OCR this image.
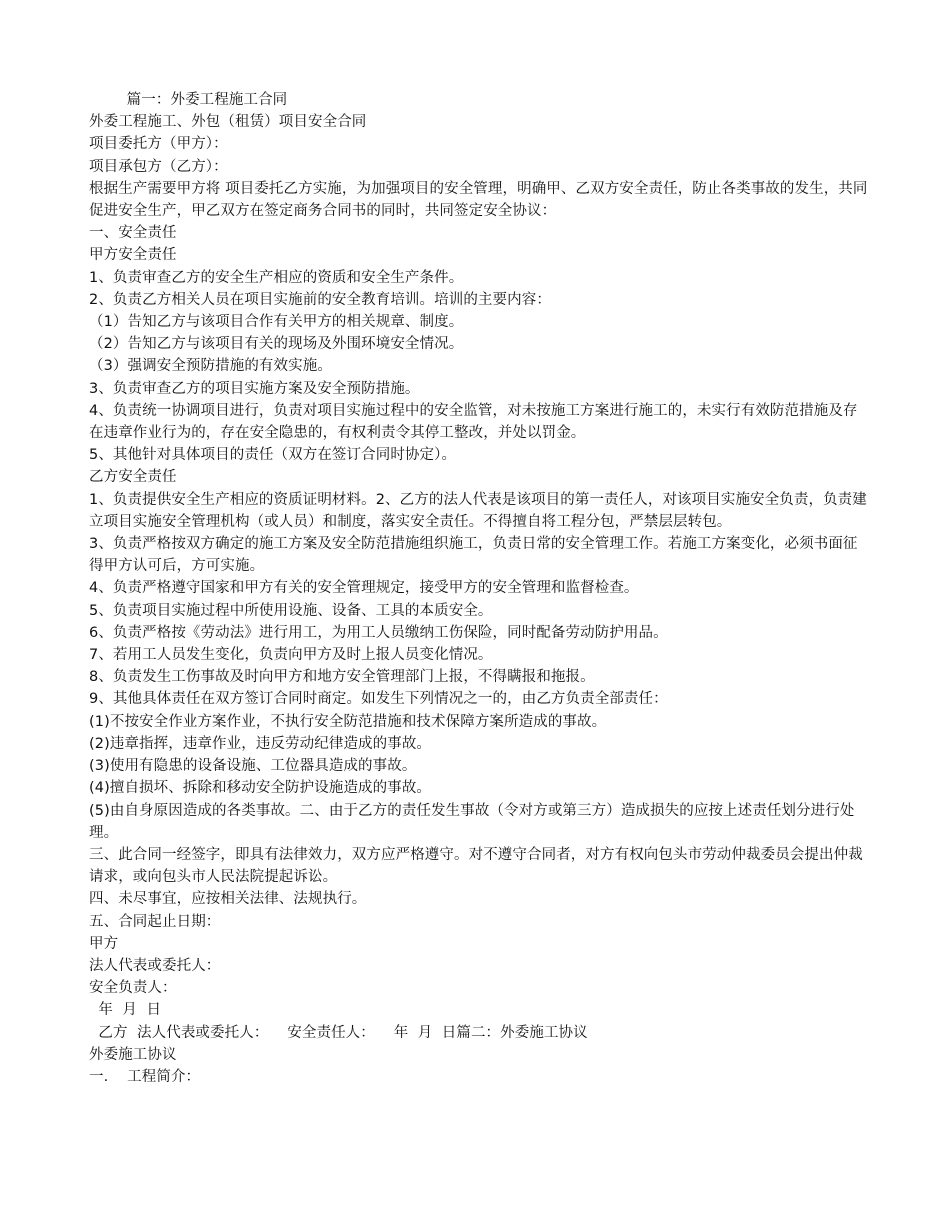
篇一：外委工程施工合同
外委工程施工、外包（租赁）项目安全合同
项目委托方（甲方）：
项目承包方（乙方）：
根据生产需要甲方将 项目委托乙方实施，为加强项目的安全管理，明确甲、乙双方安全责任，防止各类事故的发生，共同促进安全生产，甲乙双方在签定商务合同书的同时，共同签定安全协议：
一、安全责任
甲方安全责任
1、负责审查乙方的安全生产相应的资质和安全生产条件。
2、负责乙方相关人员在项目实施前的安全教育培训。培训的主要内容：
（1）告知乙方与该项目合作有关甲方的相关规章、制度。
（2）告知乙方与该项目有关的现场及外围环境安全情况。
（3）强调安全预防措施的有效实施。
3、负责审查乙方的项目实施方案及安全预防措施。
4、负责统一协调项目进行，负责对项目实施过程中的安全监管，对未按施工方案进行施工的，未实行有效防范措施及存在违章作业行为的，存在安全隐患的，有权利责令其停工整改，并处以罚金。
5、其他针对具体项目的责任（双方在签订合同时协定）。
乙方安全责任
1、负责提供安全生产相应的资质证明材料。2、乙方的法人代表是该项目的第一责任人，对该项目实施安全负责，负责建立项目实施安全管理机构（或人员）和制度，落实安全责任。不得擅自将工程分包，严禁层层转包。
3、负责严格按双方确定的施工方案及安全防范措施组织施工，负责日常的安全管理工作。若施工方案变化，必须书面征得甲方认可后，方可实施。
4、负责严格遵守国家和甲方有关的安全管理规定，接受甲方的安全管理和监督检查。
5、负责项目实施过程中所使用设施、设备、工具的本质安全。
6、负责严格按《劳动法》进行用工，为用工人员缴纳工伤保险，同时配备劳动防护用品。
7、若用工人员发生变化，负责向甲方及时上报人员变化情况。
8、负责发生工伤事故及时向甲方和地方安全管理部门上报，不得瞒报和拖报。
9、其他具体责任在双方签订合同时商定。如发生下列情况之一的，由乙方负责全部责任：
(1)不按安全作业方案作业，不执行安全防范措施和技术保障方案所造成的事故。
(2)违章指挥，违章作业，违反劳动纪律造成的事故。
(3)使用有隐患的设备设施、工位器具造成的事故。
(4)擅自损坏、拆除和移动安全防护设施造成的事故。
(5)由自身原因造成的各类事故。二、由于乙方的责任发生事故（令对方或第三方）造成损失的应按上述责任划分进行处理。
三、此合同一经签字，即具有法律效力，双方应严格遵守。对不遵守合同者，对方有权向包头市劳动仲裁委员会提出仲裁请求，或向包头市人民法院提起诉讼。
四、未尽事宜，应按相关法律、法规执行。
五、合同起止日期：
甲方
法人代表或委托人：
安全负责人：
年  月  日
乙方  法人代表或委托人：    安全责任人：    年  月  日篇二：外委施工协议
外委施工协议
一.    工程简介：
